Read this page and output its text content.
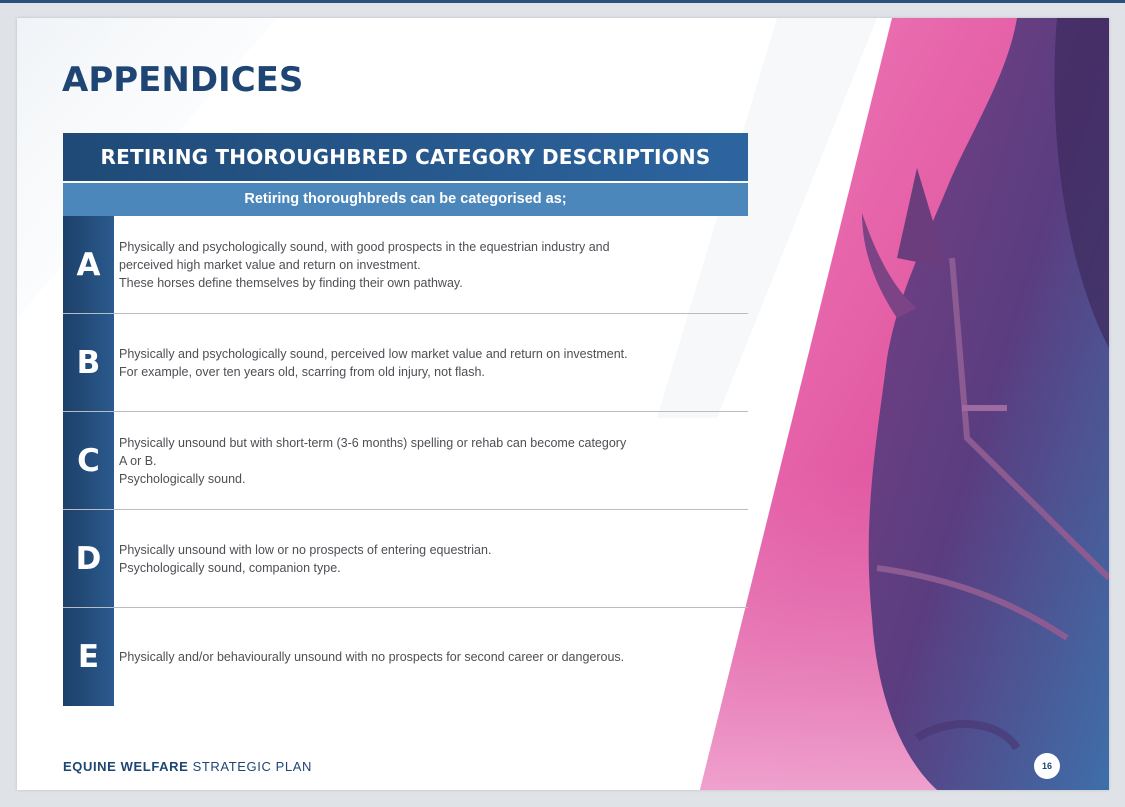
APPENDICES
RETIRING THOROUGHBRED CATEGORY DESCRIPTIONS
Retiring thoroughbreds can be categorised as;
A	Physically and psychologically sound, with good prospects in the equestrian industry and
perceived high market value and return on investment.
These horses define themselves by finding their own pathway.
B	Physically and psychologically sound, perceived low market value and return on investment.
For example, over ten years old, scarring from old injury, not flash.
C	Physically unsound but with short-term (3-6 months) spelling or rehab can become category
A or B.
Psychologically sound.
D	Physically unsound with low or no prospects of entering equestrian.
Psychologically sound, companion type.
E	Physically and/or behaviourally unsound with no prospects for second career or dangerous.
EQUINE WELFARE STRATEGIC PLAN	16
